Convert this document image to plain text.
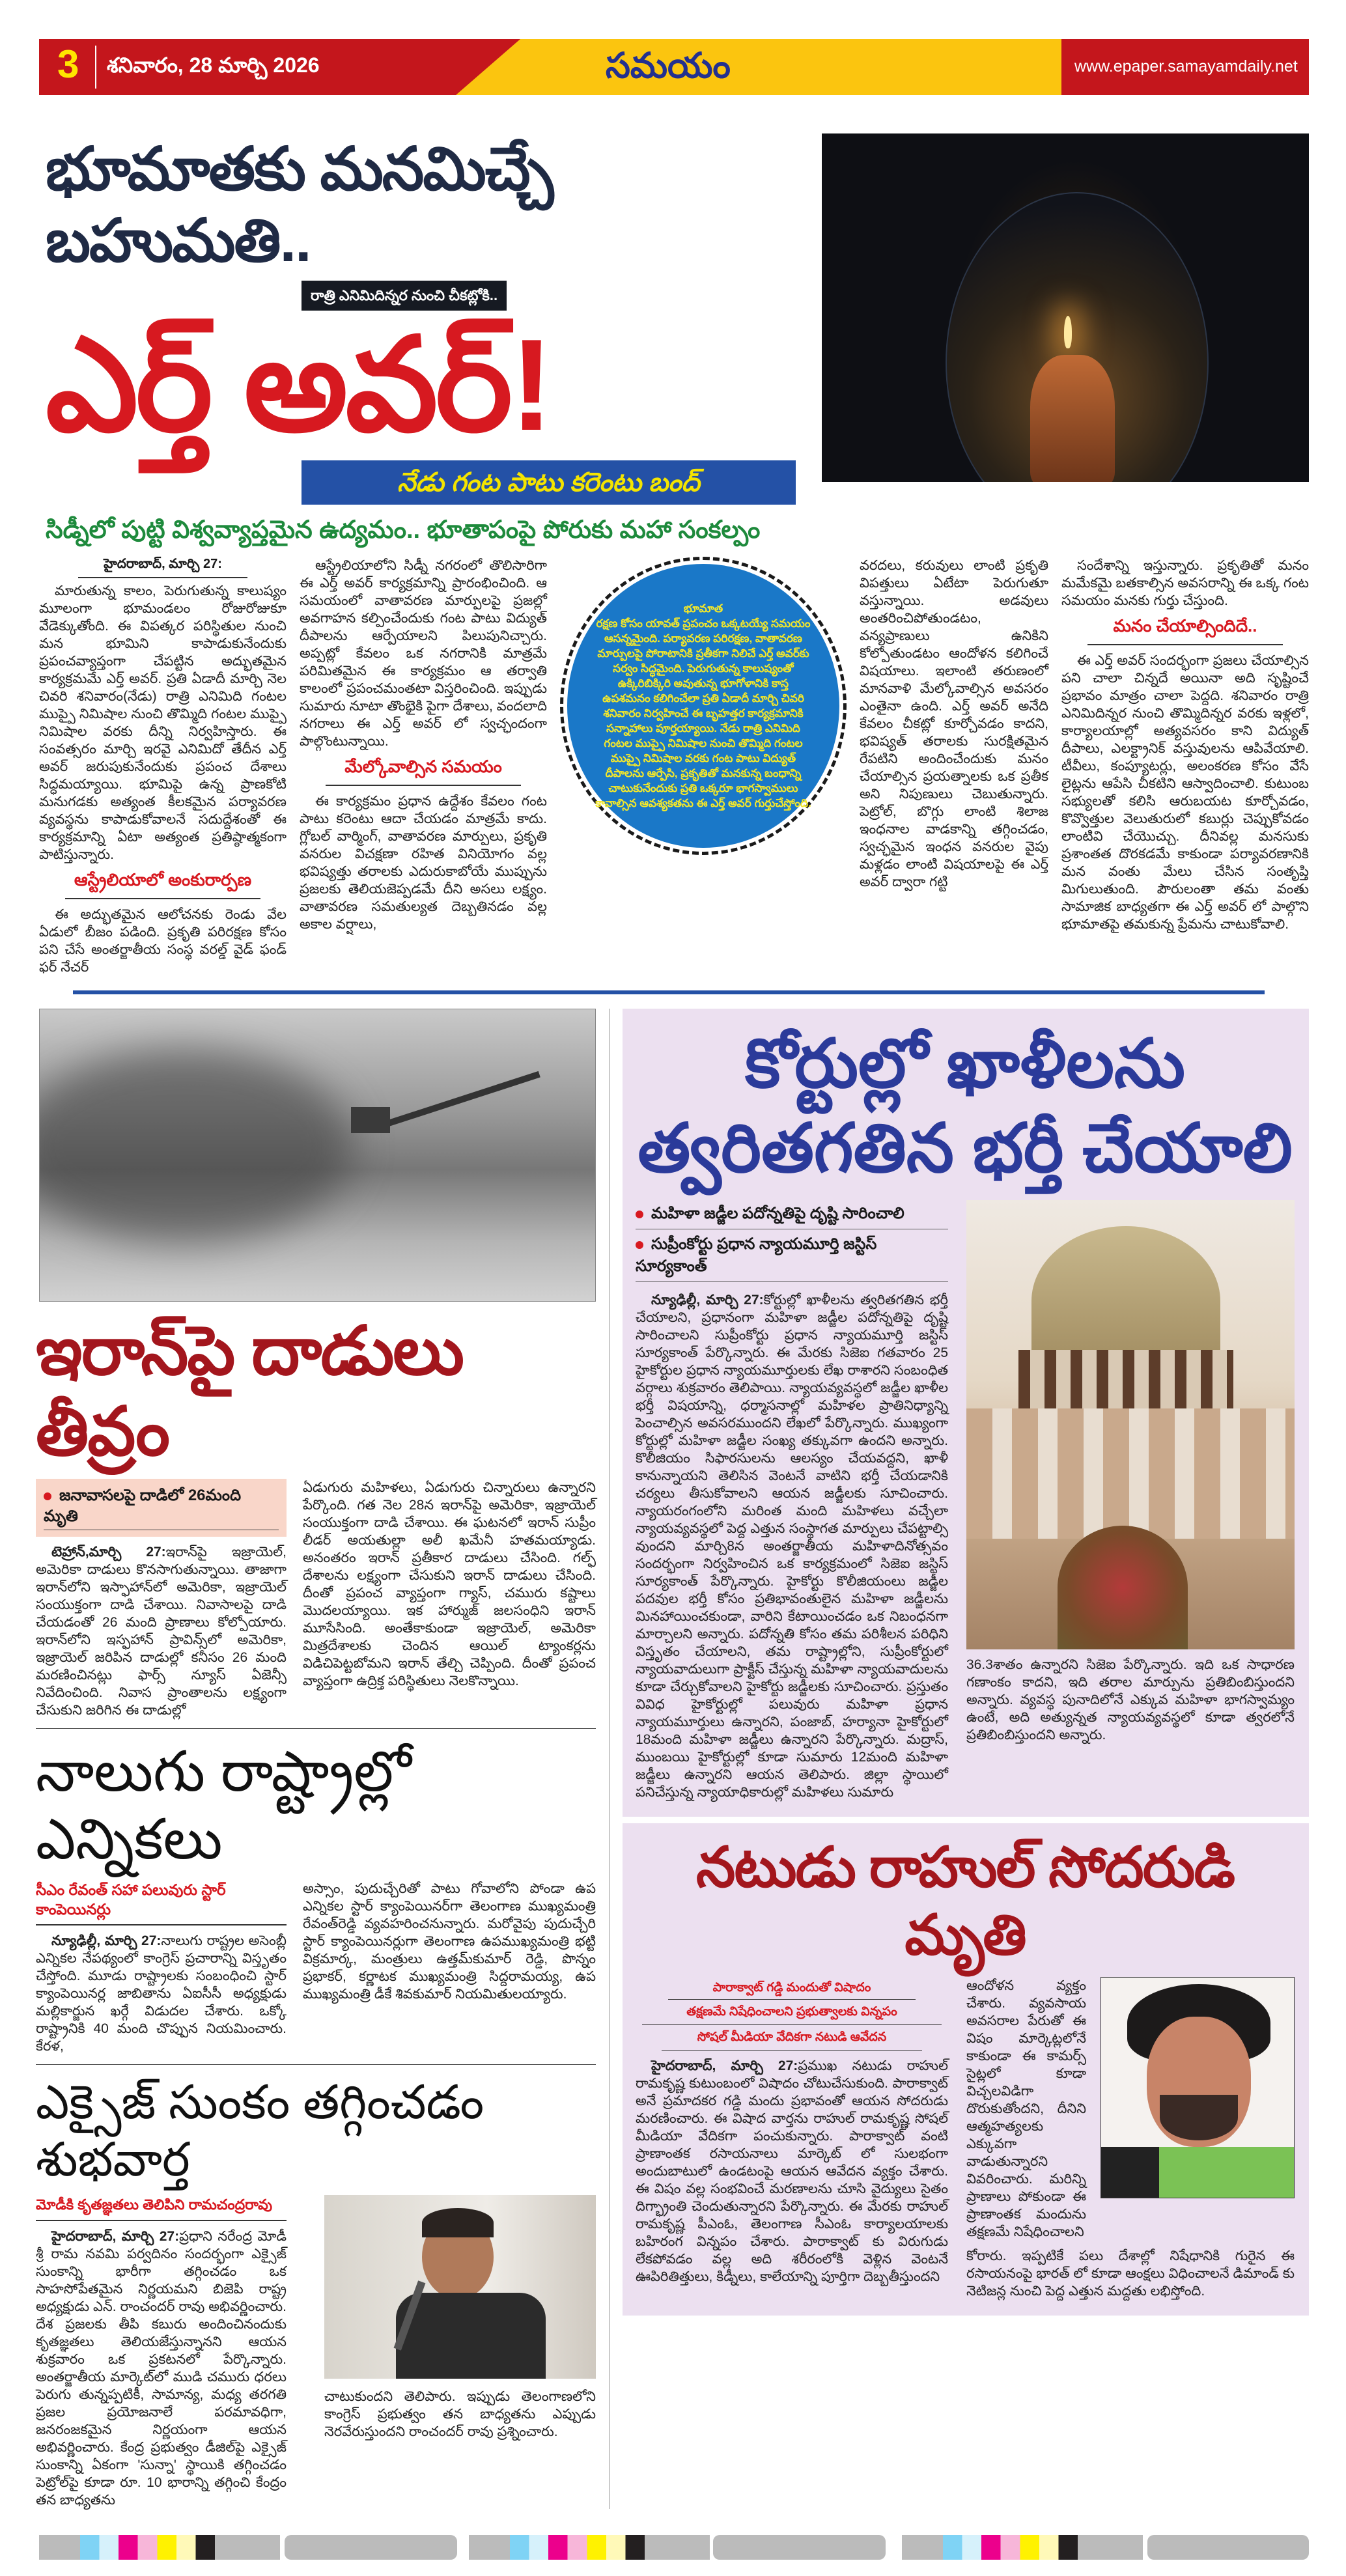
3 శనివారం, 28 మార్చి 2026	సమయం	www.epaper.samayamdaily.net
భూమాతకు మనమిచ్చే బహుమతి..
రాత్రి ఎనిమిదిన్నర నుంచి చీకట్లోకి..
ఎర్త్ అవర్!
నేడు గంట పాటు కరెంటు బంద్
సిడ్నీలో పుట్టి విశ్వవ్యాప్తమైన ఉద్యమం.. భూతాపంపై పోరుకు మహా సంకల్పం
హైదరాబాద్, మార్చి 27:
మారుతున్న కాలం, పెరుగుతున్న కాలుష్యం మూలంగా భూమండలం రోజురోజుకూ వేడెక్కుతోంది. ఈ విపత్కర పరిస్థితుల నుంచి మన భూమిని కాపాడుకునేందుకు ప్రపంచవ్యాప్తంగా చేపట్టిన అద్భుతమైన కార్యక్రమమే ఎర్త్ అవర్. ప్రతి ఏడాదీ మార్చి నెల చివరి శనివారం(నేడు) రాత్రి ఎనిమిది గంటల ముప్పై నిమిషాల నుంచి తొమ్మిది గంటల ముప్పై నిమిషాల వరకు దీన్ని నిర్వహిస్తారు. ఈ సంవత్సరం మార్చి ఇరవై ఎనిమిదో తేదీన ఎర్త్ అవర్ జరుపుకునేందుకు ప్రపంచ దేశాలు సిద్ధమయ్యాయి. భూమిపై ఉన్న ప్రాణకోటి మనుగడకు అత్యంత కీలకమైన పర్యావరణ వ్యవస్థను కాపాడుకోవాలనే సదుద్దేశంతో ఈ కార్యక్రమాన్ని ఏటా అత్యంత ప్రతిష్ఠాత్మకంగా పాటిస్తున్నారు.
ఆస్ట్రేలియాలో అంకురార్పణ
ఈ అద్భుతమైన ఆలోచనకు రెండు వేల ఏడులో బీజం పడింది. ప్రకృతి పరిరక్షణ కోసం పని చేసే అంతర్జాతీయ సంస్థ వరల్డ్ వైడ్ ఫండ్ ఫర్ నేచర్
ఆస్ట్రేలియాలోని సిడ్నీ నగరంలో తొలిసారిగా ఈ ఎర్త్ అవర్ కార్యక్రమాన్ని ప్రారంభించింది. ఆ సమయంలో వాతావరణ మార్పులపై ప్రజల్లో అవగాహన కల్పించేందుకు గంట పాటు విద్యుత్ దీపాలను ఆర్పేయాలని పిలుపునిచ్చారు. అప్పట్లో కేవలం ఒక నగరానికి మాత్రమే పరిమితమైన ఈ కార్యక్రమం ఆ తర్వాతి కాలంలో ప్రపంచమంతటా విస్తరించింది. ఇప్పుడు సుమారు నూటా తొంభైకి పైగా దేశాలు, వందలాది నగరాలు ఈ ఎర్త్ అవర్ లో స్వచ్ఛందంగా పాల్గొంటున్నాయి.
మేల్కోవాల్సిన సమయం
ఈ కార్యక్రమం ప్రధాన ఉద్దేశం కేవలం గంట పాటు కరెంటు ఆదా చేయడం మాత్రమే కాదు. గ్లోబల్ వార్మింగ్, వాతావరణ మార్పులు, ప్రకృతి వనరుల విచక్షణా రహిత వినియోగం వల్ల భవిష్యత్తు తరాలకు ఎదురుకాబోయే ముప్పును ప్రజలకు తెలియజెప్పడమే దీని అసలు లక్ష్యం. వాతావరణ సమతుల్యత దెబ్బతినడం వల్ల అకాల వర్షాలు,
భూమాత
రక్షణ కోసం యావత్ ప్రపంచం ఒక్కటయ్యే సమయం ఆసన్నమైంది. పర్యావరణ పరిరక్షణ, వాతావరణ మార్పులపై పోరాటానికి ప్రతీకగా నిలిచే ఎర్త్ అవర్‌కు సర్వం సిద్ధమైంది. పెరుగుతున్న కాలుష్యంతో ఉక్కిరిబిక్కిరి అవుతున్న భూగోళానికి కాస్త ఉపశమనం కలిగించేలా ప్రతి ఏడాదీ మార్చి చివరి శనివారం నిర్వహించే ఈ బృహత్తర కార్యక్రమానికి సన్నాహాలు పూర్తయ్యాయి. నేడు రాత్రి ఎనిమిది గంటల ముప్పై నిమిషాల నుంచి తొమ్మిది గంటల ముప్పై నిమిషాల వరకు గంట పాటు విద్యుత్ దీపాలను ఆర్పేసి, ప్రకృతితో మనకున్న బంధాన్ని చాటుకునేందుకు ప్రతి ఒక్కరూ భాగస్వాములు కావాల్సిన ఆవశ్యకతను ఈ ఎర్త్ అవర్ గుర్తుచేస్తోంది.
వరదలు, కరువులు లాంటి ప్రకృతి విపత్తులు ఏటేటా పెరుగుతూ వస్తున్నాయి. అడవులు అంతరించిపోతుండటం, వన్యప్రాణులు ఉనికిని కోల్పోతుండటం ఆందోళన కలిగించే విషయాలు. ఇలాంటి తరుణంలో మానవాళి మేల్కోవాల్సిన అవసరం ఎంతైనా ఉంది. ఎర్త్ అవర్ అనేది కేవలం చీకట్లో కూర్చోవడం కాదని, భవిష్యత్ తరాలకు సురక్షితమైన రేపటిని అందించేందుకు మనం చేయాల్సిన ప్రయత్నాలకు ఒక ప్రతీక అని నిపుణులు చెబుతున్నారు. పెట్రోల్, బొగ్గు లాంటి శిలాజ ఇంధనాల వాడకాన్ని తగ్గించడం, స్వచ్ఛమైన ఇంధన వనరుల వైపు మళ్లడం లాంటి విషయాలపై ఈ ఎర్త్ అవర్ ద్వారా గట్టి
సందేశాన్ని ఇస్తున్నారు. ప్రకృతితో మనం మమేకమై బతకాల్సిన అవసరాన్ని ఈ ఒక్క గంట సమయం మనకు గుర్తు చేస్తుంది.
మనం చేయాల్సిందిదే..
ఈ ఎర్త్ అవర్ సందర్భంగా ప్రజలు చేయాల్సిన పని చాలా చిన్నదే అయినా అది సృష్టించే ప్రభావం మాత్రం చాలా పెద్దది. శనివారం రాత్రి ఎనిమిదిన్నర నుంచి తొమ్మిదిన్నర వరకు ఇళ్లలో, కార్యాలయాల్లో అత్యవసరం కాని విద్యుత్ దీపాలు, ఎలక్ట్రానిక్ వస్తువులను ఆపివేయాలి. టీవీలు, కంప్యూటర్లు, అలంకరణ కోసం వేసే లైట్లను ఆపేసి చీకటిని ఆస్వాదించాలి. కుటుంబ సభ్యులతో కలిసి ఆరుబయట కూర్చోవడం, కొవ్వొత్తుల వెలుతురులో కబుర్లు చెప్పుకోవడం లాంటివి చేయొచ్చు. దీనివల్ల మనసుకు ప్రశాంతత దొరకడమే కాకుండా పర్యావరణానికి మన వంతు మేలు చేసిన సంతృప్తి మిగులుతుంది. పౌరులంతా తమ వంతు సామాజిక బాధ్యతగా ఈ ఎర్త్ అవర్ లో పాల్గొని భూమాతపై తమకున్న ప్రేమను చాటుకోవాలి.
ఇరాన్‌పై దాడులు తీవ్రం
జనావాసలపై దాడిలో 26మంది మృతి
టెహ్రాన్,మార్చి 27:ఇరాన్‌పై ఇజ్రాయెల్, అమెరికా దాడులు కొనసాగుతున్నాయి. తాజాగా ఇరాన్‌లోని ఇస్ఫాహాన్‌లో అమెరికా, ఇజ్రాయెల్ సంయుక్తంగా దాడి చేశాయి. నివాసాలపై దాడి చేయడంతో 26 మంది ప్రాణాలు కోల్పోయారు. ఇరాన్‌లోని ఇస్ఫహాన్ ప్రావిన్స్‌లో అమెరికా, ఇజ్రాయెల్ జరిపిన దాడుల్లో కనీసం 26 మంది మరణించినట్లు ఫార్స్ న్యూస్ ఏజెన్సీ నివేదించింది. నివాస ప్రాంతాలను లక్ష్యంగా చేసుకుని జరిగిన ఈ దాడుల్లో
ఏడుగురు మహిళలు, ఏడుగురు చిన్నారులు ఉన్నారని పేర్కొంది. గత నెల 28న ఇరాన్‌పై అమెరికా, ఇజ్రాయెల్ సంయుక్తంగా దాడి చేశాయి. ఈ ఘటనలో ఇరాన్ సుప్రీం లీడర్ అయతుల్లా అలీ ఖమేనీ హతమయ్యాడు. అనంతరం ఇరాన్ ప్రతీకార దాడులు చేసింది. గల్ఫ్ దేశాలను లక్ష్యంగా చేసుకుని ఇరాన్ దాడులు చేసింది. దీంతో ప్రపంచ వ్యాప్తంగా గ్యాస్, చమురు కష్టాలు మొదలయ్యాయి. ఇక హార్ముజ్ జలసంధిని ఇరాన్ మూసేసింది. అంతేకాకుండా ఇజ్రాయెల్, అమెరికా మిత్రదేశాలకు చెందిన ఆయిల్ ట్యాంకర్లను విడిచిపెట్టబోమని ఇరాన్ తేల్చి చెప్పింది. దీంతో ప్రపంచ వ్యాప్తంగా ఉద్రిక్త పరిస్థితులు నెలకొన్నాయి.
నాలుగు రాష్ట్రాల్లో ఎన్నికలు
సీఎం రేవంత్ సహా పలువురు స్టార్ కాంపెయినర్లు
న్యూఢిల్లీ, మార్చి 27:నాలుగు రాష్ట్రల అసెంబ్లీ ఎన్నికల నేపథ్యంలో కాంగ్రెస్ ప్రచారాన్ని విస్తృతం చేస్తోంది. మూడు రాష్ట్రాలకు సంబంధించి స్టార్ క్యాంపెయినర్ల జాబితాను ఏఐసీసీ అధ్యక్షుడు మల్లికార్జున ఖర్గే విడుదల చేశారు. ఒక్కో రాష్ట్రానికి 40 మంది చొప్పున నియమించారు. కేరళ,
అస్సాం, పుదుచ్చేరితో పాటు గోవాలోని పోండా ఉప ఎన్నికల స్టార్ క్యాంపెయినర్‌గా తెలంగాణ ముఖ్యమంత్రి రేవంత్‌రెడ్డి వ్యవహరించనున్నారు. మరోవైపు పుదుచ్చేరి స్టార్ క్యాంపెయినర్లుగా తెలంగాణ ఉపముఖ్యమంత్రి భట్టి విక్రమార్క, మంత్రులు ఉత్తమ్‌కుమార్ రెడ్డి, పొన్నం ప్రభాకర్, కర్ణాటక ముఖ్యమంత్రి సిద్దరామయ్య, ఉప ముఖ్యమంత్రి డీకే శివకుమార్ నియమితులయ్యారు.
ఎక్సైజ్ సుంకం తగ్గించడం శుభవార్త
మోడీకి కృతజ్ఞతలు తెలిపిని రామచంద్రరావు
హైదరాబాద్, మార్చి 27:ప్రధాని నరేంద్ర మోడీ శ్రీ రామ నవమి పర్వదినం సందర్భంగా ఎక్సైజ్ సుంకాన్ని భారీగా తగ్గించడం ఒక సాహసోపేతమైన నిర్ణయమని బిజెపి రాష్ట్ర అధ్యక్షుడు ఎన్. రాంచందర్ రావు అభివర్ణించారు. దేశ ప్రజలకు తీపి కబురు అందించినందుకు కృతజ్ఞతలు తెలియజేస్తున్నానని ఆయన శుక్రవారం ఒక ప్రకటనలో పేర్కొన్నారు. అంతర్జాతీయ మార్కెట్‌లో ముడి చమురు ధరలు పెరుగు తున్నప్పటికీ, సామాన్య, మధ్య తరగతి ప్రజల ప్రయోజనాలే పరమావధిగా, జనరంజకమైన నిర్ణయంగా ఆయన అభివర్ణించారు. కేంద్ర ప్రభుత్వం డీజిల్‌పై ఎక్సైజ్ సుంకాన్ని ఏకంగా 'సున్నా' స్థాయికి తగ్గించడం పెట్రోల్‌పై కూడా రూ. 10 భారాన్ని తగ్గించి కేంద్రం తన బాధ్యతను
చాటుకుందని తెలిపారు. ఇప్పుడు తెలంగాణలోని కాంగ్రెస్ ప్రభుత్వం తన బాధ్యతను ఎప్పుడు నెరవేరుస్తుందని రాంచందర్ రావు ప్రశ్నించారు.
కోర్టుల్లో ఖాళీలను
త్వరితగతిన భర్తీ చేయాలి
మహిళా జడ్జీల పదోన్నతిపై దృష్టి సారించాలి
సుప్రీంకోర్టు ప్రధాన న్యాయమూర్తి జస్టిస్ సూర్యకాంత్
న్యూఢిల్లీ, మార్చి 27:కోర్టుల్లో ఖాళీలను త్వరితగతిన భర్తీ చేయాలని, ప్రధానంగా మహిళా జడ్జీల పదోన్నతిపై దృష్టి సారించాలని సుప్రీంకోర్టు ప్రధాన న్యాయమూర్తి జస్టిస్ సూర్యకాంత్ పేర్కొన్నారు. ఈ మేరకు సిజెఐ గతవారం 25 హైకోర్టుల ప్రధాన న్యాయమూర్తులకు లేఖ రాశారని సంబంధిత వర్గాలు శుక్రవారం తెలిపాయి. న్యాయవ్యవస్థలో జడ్జీల ఖాళీల భర్తీ విషయాన్ని, ధర్మాసనాల్లో మహిళల ప్రాతినిధ్యాన్ని పెంచాల్సిన అవసరముందని లేఖలో పేర్కొన్నారు. ముఖ్యంగా కోర్టుల్లో మహిళా జడ్జీల సంఖ్య తక్కువగా ఉందని అన్నారు. కొలీజియం సిఫారసులను ఆలస్యం చేయవద్దని, ఖాళీ కానున్నాయని తెలిసిన వెంటనే వాటిని భర్తీ చేయడానికి చర్యలు తీసుకోవాలని ఆయన జడ్జీలకు సూచించారు. న్యాయరంగంలోని మరింత మంది మహిళలు వచ్చేలా న్యాయవ్యవస్థలో పెద్ద ఎత్తున సంస్థాగత మార్పులు చేపట్టాల్సి వుందని మార్చి8న అంతర్జాతీయ మహిళాదినోత్సవం సందర్భంగా నిర్వహించిన ఒక కార్యక్రమంలో సిజెఐ జస్టిస్ సూర్యకాంత్ పేర్కొన్నారు. హైకోర్టు కొలీజియంలు జడ్జీల పదవుల భర్తీ కోసం ప్రతిభావంతులైన మహిళా జడ్జీలను మినహాయించకుండా, వారిని కేటాయించడం ఒక నిబంధనగా మార్చాలని అన్నారు. పదోన్నతి కోసం తమ పరిశీలన పరిధిని విస్తృతం చేయాలని, తమ రాష్ట్రాల్లోని, సుప్రీంకోర్టులో న్యాయవాదులుగా ప్రాక్టీస్ చేస్తున్న మహిళా న్యాయవాదులను కూడా చేర్చుకోవాలని హైకోర్టు జడ్జీలకు సూచించారు. ప్రస్తుతం వివిధ హైకోర్టుల్లో పలువురు మహిళా ప్రధాన న్యాయమూర్తులు ఉన్నారని, పంజాబ్, హర్యానా హైకోర్టులో 18మంది మహిళా జడ్జీలు ఉన్నారని పేర్కొన్నారు. మద్రాస్, ముంబయి హైకోర్టుల్లో కూడా సుమారు 12మంది మహిళా జడ్జీలు ఉన్నారని ఆయన తెలిపారు. జిల్లా స్థాయిలో పనిచేస్తున్న న్యాయాధికారుల్లో మహిళలు సుమారు
36.3శాతం ఉన్నారని సిజెఐ పేర్కొన్నారు. ఇది ఒక సాధారణ గణాంకం కాదని, ఇది తరాల మార్పును ప్రతిబింబిస్తుందని అన్నారు. వ్యవస్థ పునాదిలోనే ఎక్కువ మహిళా భాగస్వామ్యం ఉంటే, అది అత్యున్నత న్యాయవ్యవస్థలో కూడా త్వరలోనే ప్రతిబింబిస్తుందని అన్నారు.
నటుడు రాహుల్ సోదరుడి మృతి
పారాక్వాట్ గడ్డి మందుతో విషాదం
తక్షణమే నిషేధించాలని ప్రభుత్వాలకు విన్నపం
సోషల్ మీడియా వేదికగా నటుడి ఆవేదన
హైదరాబాద్, మార్చి 27:ప్రముఖ నటుడు రాహుల్ రామకృష్ణ కుటుంబంలో విషాదం చోటుచేసుకుంది. పారాక్వాట్ అనే ప్రమాదకర గడ్డి మందు ప్రభావంతో ఆయన సోదరుడు మరణించారు. ఈ విషాద వార్తను రాహుల్ రామకృష్ణ సోషల్ మీడియా వేదికగా పంచుకున్నారు. పారాక్వాట్ వంటి ప్రాణాంతక రసాయనాలు మార్కెట్ లో సులభంగా అందుబాటులో ఉండటంపై ఆయన ఆవేదన వ్యక్తం చేశారు. ఈ విషం వల్ల సంభవించే మరణాలను చూసి వైద్యులు సైతం దిగ్భ్రాంతి చెందుతున్నారని పేర్కొన్నారు. ఈ మేరకు రాహుల్ రామకృష్ణ పీఎంఓ, తెలంగాణ సీఎంఓ కార్యాలయాలకు బహిరంగ విన్నపం చేశారు. పారాక్వాట్ కు విరుగుడు లేకపోవడం వల్ల అది శరీరంలోకి వెళ్లిన వెంటనే ఊపిరితిత్తులు, కిడ్నీలు, కాలేయాన్ని పూర్తిగా దెబ్బతీస్తుందని
ఆందోళన వ్యక్తం చేశారు. వ్యవసాయ అవసరాల పేరుతో ఈ విషం మార్కెట్లలోనే కాకుండా ఈ కామర్స్ సైట్లలో కూడా విచ్చలవిడిగా దొరుకుతోందని, దీనిని ఆత్మహత్యలకు ఎక్కువగా వాడుతున్నారని వివరించారు. మరిన్ని ప్రాణాలు పోకుండా ఈ ప్రాణాంతక మందును తక్షణమే నిషేధించాలని
కోరారు. ఇప్పటికే పలు దేశాల్లో నిషేధానికి గురైన ఈ రసాయనంపై భారత్ లో కూడా ఆంక్షలు విధించాలనే డిమాండ్ కు నెటిజన్ల నుంచి పెద్ద ఎత్తున మద్దతు లభిస్తోంది.
